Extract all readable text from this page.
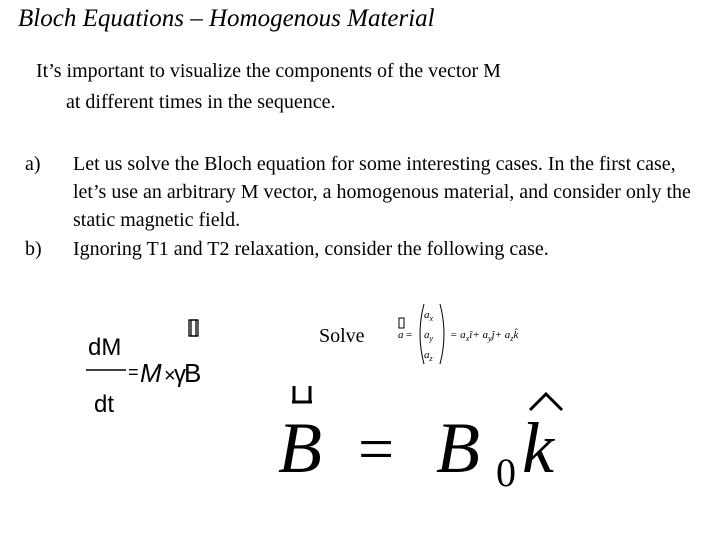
Bloch Equations – Homogenous Material
It’s important to visualize the components of the vector M
at different times in the sequence.
a) Let us solve the Bloch equation for some interesting cases. In the first case, let’s use an arbitrary M vector, a homogenous material, and consider only the static magnetic field.
b) Ignoring T1 and T2 relaxation, consider the following case.
dM
= M ×
γ
B
dt
Solve	a =
$a_x$
$a_y$
$a_z$
= $a_xî+$ $a_yĵ+$ $a_zk̂$
B = B 0 k
